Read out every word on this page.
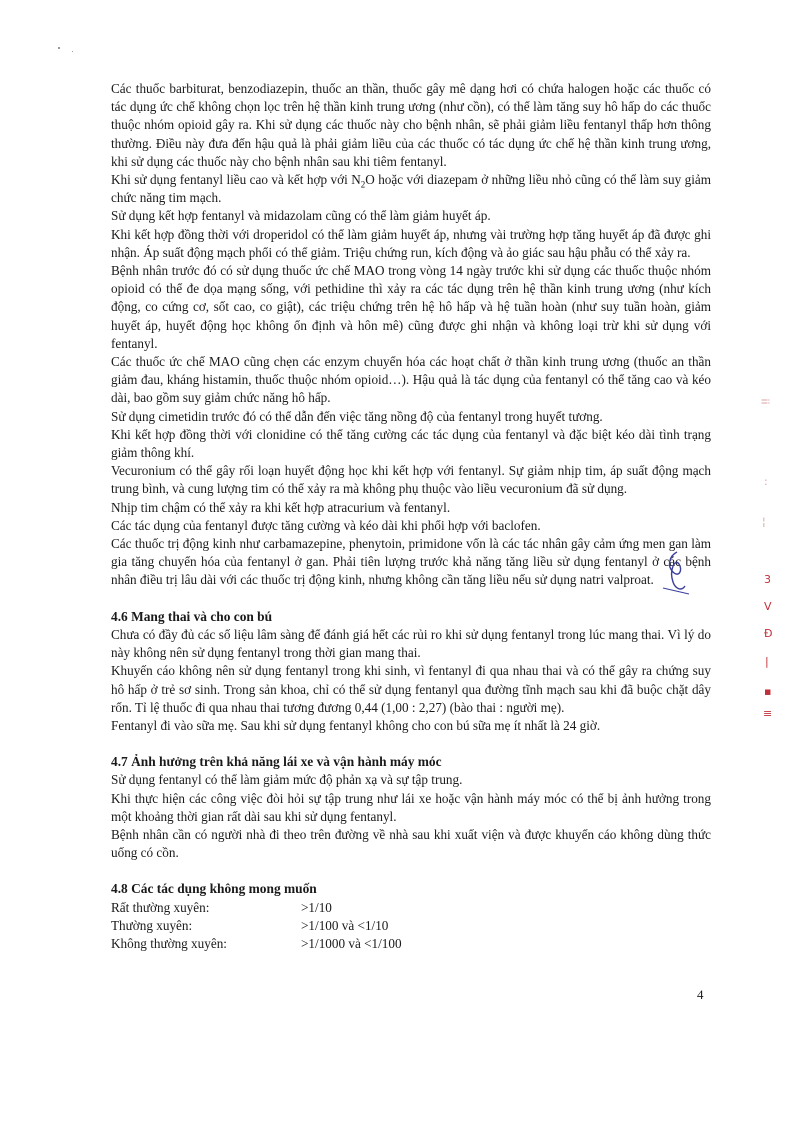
Các thuốc barbiturat, benzodiazepin, thuốc an thần, thuốc gây mê dạng hơi có chứa halogen hoặc các thuốc có tác dụng ức chế không chọn lọc trên hệ thần kinh trung ương (như cồn), có thể làm tăng suy hô hấp do các thuốc thuộc nhóm opioid gây ra. Khi sử dụng các thuốc này cho bệnh nhân, sẽ phải giảm liều fentanyl thấp hơn thông thường. Điều này đưa đến hậu quả là phải giảm liều của các thuốc có tác dụng ức chế hệ thần kinh trung ương, khi sử dụng các thuốc này cho bệnh nhân sau khi tiêm fentanyl.

Khi sử dụng fentanyl liều cao và kết hợp với $N_2O$ hoặc với diazepam ở những liều nhỏ cũng có thể làm suy giảm chức năng tim mạch.

Sử dụng kết hợp fentanyl và midazolam cũng có thể làm giảm huyết áp.

Khi kết hợp đồng thời với droperidol có thể làm giảm huyết áp, nhưng vài trường hợp tăng huyết áp đã được ghi nhận. Áp suất động mạch phổi có thể giảm. Triệu chứng run, kích động và ảo giác sau hậu phẫu có thể xảy ra.

Bệnh nhân trước đó có sử dụng thuốc ức chế MAO trong vòng 14 ngày trước khi sử dụng các thuốc thuộc nhóm opioid có thể đe dọa mạng sống, với pethidine thì xảy ra các tác dụng trên hệ thần kinh trung ương (như kích động, co cứng cơ, sốt cao, co giật), các triệu chứng trên hệ hô hấp và hệ tuần hoàn (như suy tuần hoàn, giảm huyết áp, huyết động học không ổn định và hôn mê) cũng được ghi nhận và không loại trừ khi sử dụng với fentanyl.

Các thuốc ức chế MAO cũng chẹn các enzym chuyển hóa các hoạt chất ở thần kinh trung ương (thuốc an thần giảm đau, kháng histamin, thuốc thuộc nhóm opioid…). Hậu quả là tác dụng của fentanyl có thể tăng cao và kéo dài, bao gồm suy giảm chức năng hô hấp.

Sử dụng cimetidin trước đó có thể dẫn đến việc tăng nồng độ của fentanyl trong huyết tương.

Khi kết hợp đồng thời với clonidine có thể tăng cường các tác dụng của fentanyl và đặc biệt kéo dài tình trạng giảm thông khí.

Vecuronium có thể gây rối loạn huyết động học khi kết hợp với fentanyl. Sự giảm nhịp tim, áp suất động mạch trung bình, và cung lượng tim có thể xảy ra mà không phụ thuộc vào liều vecuronium đã sử dụng.

Nhịp tim chậm có thể xảy ra khi kết hợp atracurium và fentanyl.

Các tác dụng của fentanyl được tăng cường và kéo dài khi phối hợp với baclofen.

Các thuốc trị động kinh như carbamazepine, phenytoin, primidone vốn là các tác nhân gây cảm ứng men gan làm gia tăng chuyển hóa của fentanyl ở gan. Phải tiên lượng trước khả năng tăng liều sử dụng fentanyl ở các bệnh nhân điều trị lâu dài với các thuốc trị động kinh, nhưng không cần tăng liều nếu sử dụng natri valproat.

4.6 Mang thai và cho con bú

Chưa có đầy đủ các số liệu lâm sàng để đánh giá hết các rủi ro khi sử dụng fentanyl trong lúc mang thai. Vì lý do này không nên sử dụng fentanyl trong thời gian mang thai.

Khuyến cáo không nên sử dụng fentanyl trong khi sinh, vì fentanyl đi qua nhau thai và có thể gây ra chứng suy hô hấp ở trẻ sơ sinh. Trong sản khoa, chỉ có thể sử dụng fentanyl qua đường tĩnh mạch sau khi đã buộc chặt dây rốn. Tỉ lệ thuốc đi qua nhau thai tương đương 0,44 (1,00 : 2,27) (bào thai : người mẹ).

Fentanyl đi vào sữa mẹ. Sau khi sử dụng fentanyl không cho con bú sữa mẹ ít nhất là 24 giờ.

4.7 Ảnh hưởng trên khả năng lái xe và vận hành máy móc

Sử dụng fentanyl có thể làm giảm mức độ phản xạ và sự tập trung.

Khi thực hiện các công việc đòi hỏi sự tập trung như lái xe hoặc vận hành máy móc có thể bị ảnh hưởng trong một khoảng thời gian rất dài sau khi sử dụng fentanyl.

Bệnh nhân cần có người nhà đi theo trên đường về nhà sau khi xuất viện và được khuyến cáo không dùng thức uống có cồn.

4.8 Các tác dụng không mong muốn
Rất thường xuyên:	>1/10
Thường xuyên:	>1/100 và <1/10
Không thường xuyên:	>1/1000 và <1/100
4
ii
:
¦
3
V
Đ
|
▪
≡
